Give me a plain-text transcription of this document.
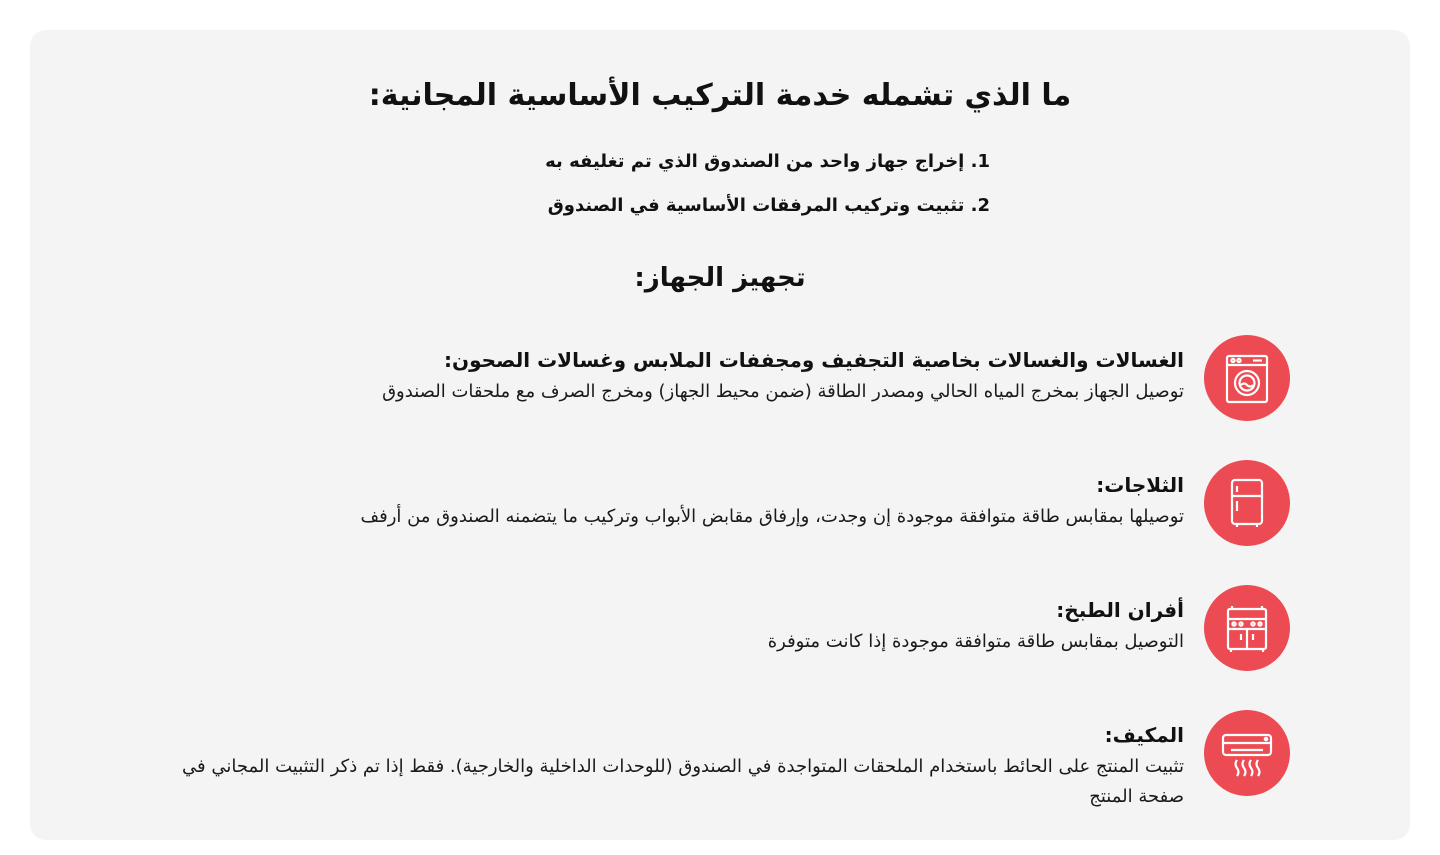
ما الذي تشمله خدمة التركيب الأساسية المجانية:
1. إخراج جهاز واحد من الصندوق الذي تم تغليفه به
2. تثبيت وتركيب المرفقات الأساسية في الصندوق
تجهيز الجهاز:
الغسالات والغسالات بخاصية التجفيف ومجففات الملابس وغسالات الصحون:
توصيل الجهاز بمخرج المياه الحالي ومصدر الطاقة (ضمن محيط الجهاز) ومخرج الصرف مع ملحقات الصندوق
الثلاجات:
توصيلها بمقابس طاقة متوافقة موجودة إن وجدت، وإرفاق مقابض الأبواب وتركيب ما يتضمنه الصندوق من أرفف
أفران الطبخ:
التوصيل بمقابس طاقة متوافقة موجودة إذا كانت متوفرة
المكيف:
تثبيت المنتج على الحائط باستخدام الملحقات المتواجدة في الصندوق (للوحدات الداخلية والخارجية). فقط إذا تم ذكر التثبيت المجاني في صفحة المنتج
